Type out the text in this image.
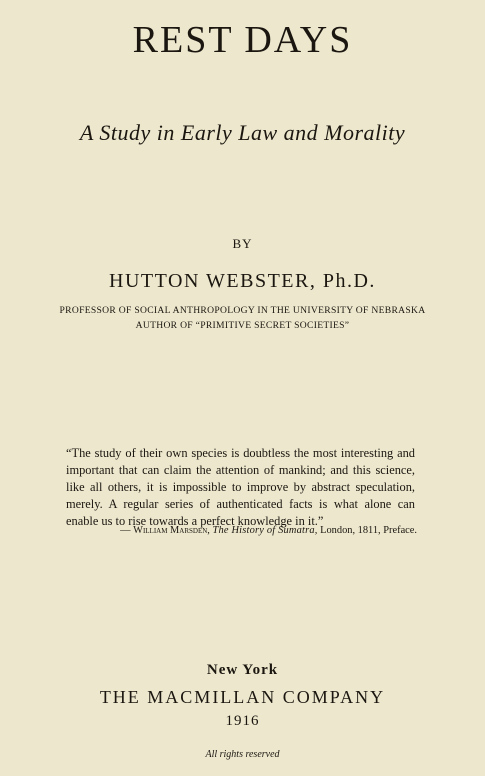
REST DAYS
A Study in Early Law and Morality
BY
HUTTON WEBSTER, Ph.D.
PROFESSOR OF SOCIAL ANTHROPOLOGY IN THE UNIVERSITY OF NEBRASKA
AUTHOR OF “PRIMITIVE SECRET SOCIETIES”
“The study of their own species is doubtless the most interesting and important that can claim the attention of mankind; and this science, like all others, it is impossible to improve by abstract speculation, merely. A regular series of authenticated facts is what alone can enable us to rise towards a perfect knowledge in it.”
— William Marsden, The History of Sumatra, London, 1811, Preface.
New York
THE MACMILLAN COMPANY
1916
All rights reserved
